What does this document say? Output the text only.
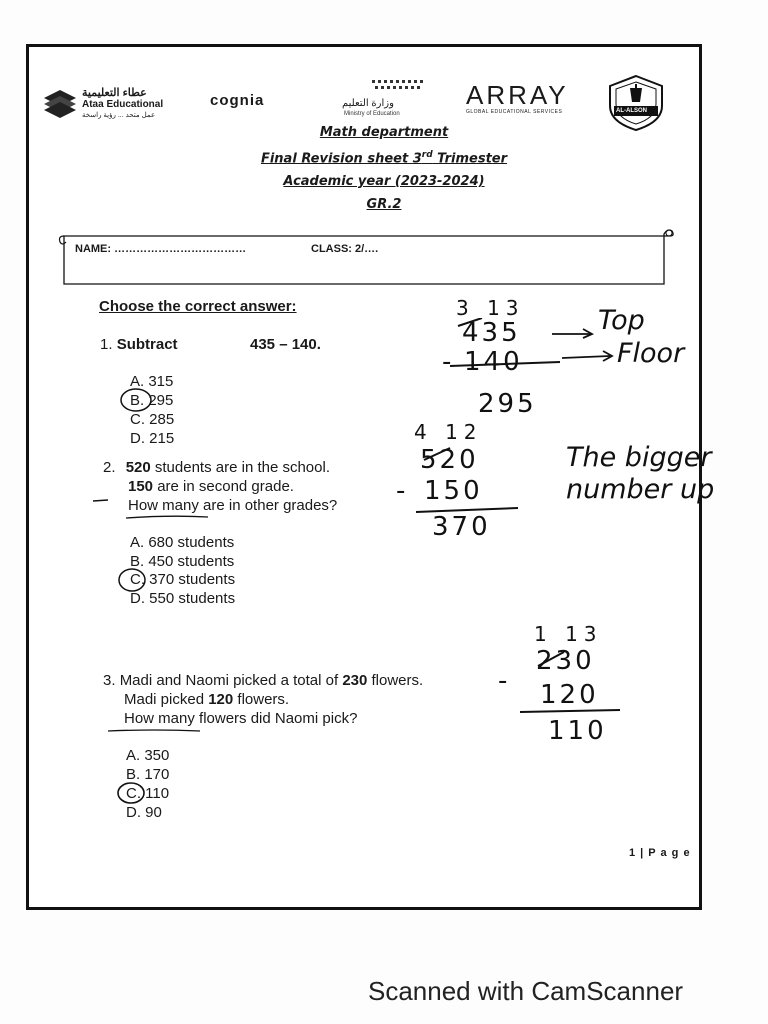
عطاء التعليمية
Ataa Educational
عمل متحد ... رؤية راسخة
cognia	وزارة التعليم
Ministry of Education
ARRAY
GLOBAL EDUCATIONAL SERVICES	AL-ALSON
Math department
Final Revision sheet 3rd Trimester
Academic year (2023-2024)
GR.2
NAME: ………………………………	CLASS: 2/….
Choose the correct answer:
1. Subtract	435 – 140.
A. 315
B. 295
C. 285
D. 215
2. 520 students are in the school.
150 are in second grade.
How many are in other grades?
A. 680 students
B. 450 students
C. 370 students
D. 550 students
3. Madi and Naomi picked a total of 230 flowers.
Madi picked 120 flowers.
How many flowers did Naomi pick?
A. 350
B. 170
C. 110
D. 90
3 13
435
- 140
295
Top
Floor
4 12
520
- 150
370
The bigger
number up
1 13
230
- 120
110
1 | P a g e
Scanned with CamScanner
